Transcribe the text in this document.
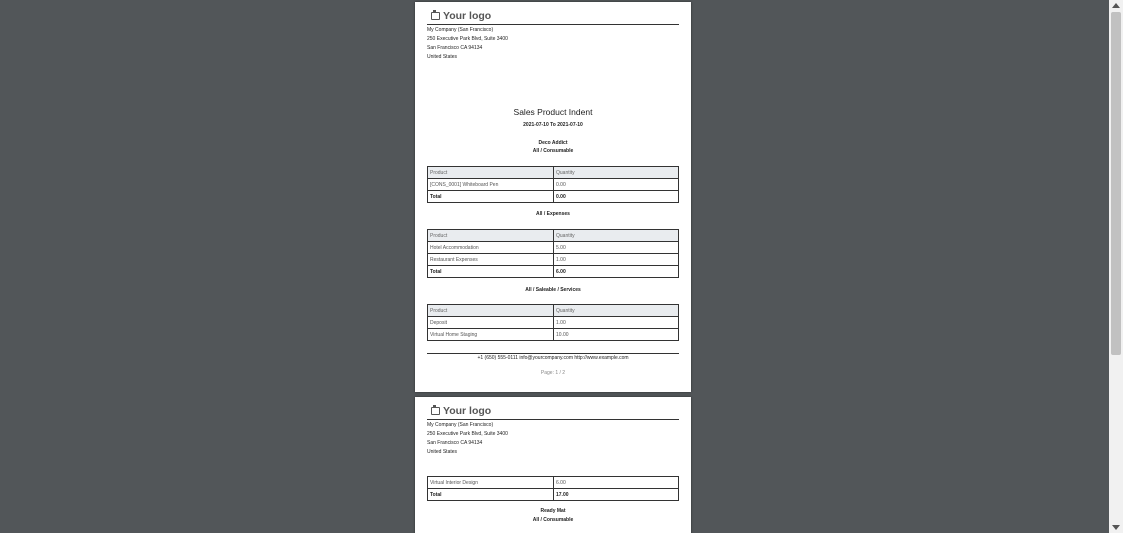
Your logo
My Company (San Francisco)
250 Executive Park Blvd, Suite 3400
San Francisco CA 94134
United States
Sales Product Indent
2021-07-10 To 2021-07-10
Deco Addict
All / Consumable
Product	Quantity
[CONS_0001] Whiteboard Pen	0.00
Total	0.00
All / Expenses
Product	Quantity
Hotel Accommodation	5.00
Restaurant Expenses	1.00
Total	6.00
All / Saleable / Services
Product	Quantity
Deposit	1.00
Virtual Home Staging	10.00
+1 (650) 555-0111 info@yourcompany.com http://www.example.com
Page: 1 / 2
Your logo
My Company (San Francisco)
250 Executive Park Blvd, Suite 3400
San Francisco CA 94134
United States
Virtual Interior Design	6.00
Total	17.00
Ready Mat
All / Consumable
